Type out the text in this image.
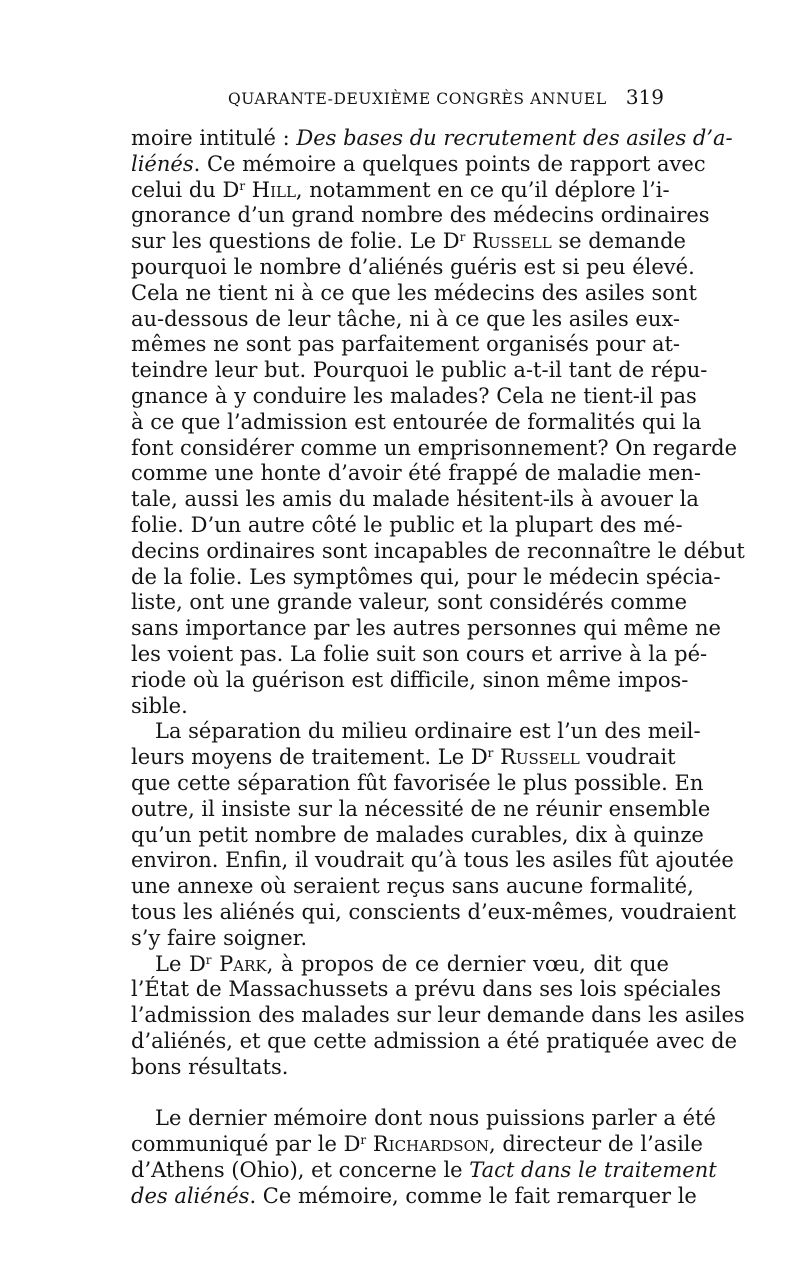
QUARANTE-DEUXIÈME CONGRÈS ANNUEL 319
moire intitulé : Des bases du recrutement des asiles d’a-
liénés. Ce mémoire a quelques points de rapport avec
celui du $D^r$ Hill, notamment en ce qu’il déplore l’i-
gnorance d’un grand nombre des médecins ordinaires
sur les questions de folie. Le $D^r$ Russell se demande
pourquoi le nombre d’aliénés guéris est si peu élevé.
Cela ne tient ni à ce que les médecins des asiles sont
au-dessous de leur tâche, ni à ce que les asiles eux-
mêmes ne sont pas parfaitement organisés pour at-
teindre leur but. Pourquoi le public a-t-il tant de répu-
gnance à y conduire les malades? Cela ne tient-il pas
à ce que l’admission est entourée de formalités qui la
font considérer comme un emprisonnement? On regarde
comme une honte d’avoir été frappé de maladie men-
tale, aussi les amis du malade hésitent-ils à avouer la
folie. D’un autre côté le public et la plupart des mé-
decins ordinaires sont incapables de reconnaître le début
de la folie. Les symptômes qui, pour le médecin spécia-
liste, ont une grande valeur, sont considérés comme
sans importance par les autres personnes qui même ne
les voient pas. La folie suit son cours et arrive à la pé-
riode où la guérison est difficile, sinon même impos-
sible.
La séparation du milieu ordinaire est l’un des meil-
leurs moyens de traitement. Le $D^r$ Russell voudrait
que cette séparation fût favorisée le plus possible. En
outre, il insiste sur la nécessité de ne réunir ensemble
qu’un petit nombre de malades curables, dix à quinze
environ. Enfin, il voudrait qu’à tous les asiles fût ajoutée
une annexe où seraient reçus sans aucune formalité,
tous les aliénés qui, conscients d’eux-mêmes, voudraient
s’y faire soigner.
Le $D^r$ Park, à propos de ce dernier vœu, dit que
l’État de Massachussets a prévu dans ses lois spéciales
l’admission des malades sur leur demande dans les asiles
d’aliénés, et que cette admission a été pratiquée avec de
bons résultats.
Le dernier mémoire dont nous puissions parler a été
communiqué par le $D^r$ Richardson, directeur de l’asile
d’Athens (Ohio), et concerne le Tact dans le traitement
des aliénés. Ce mémoire, comme le fait remarquer le
